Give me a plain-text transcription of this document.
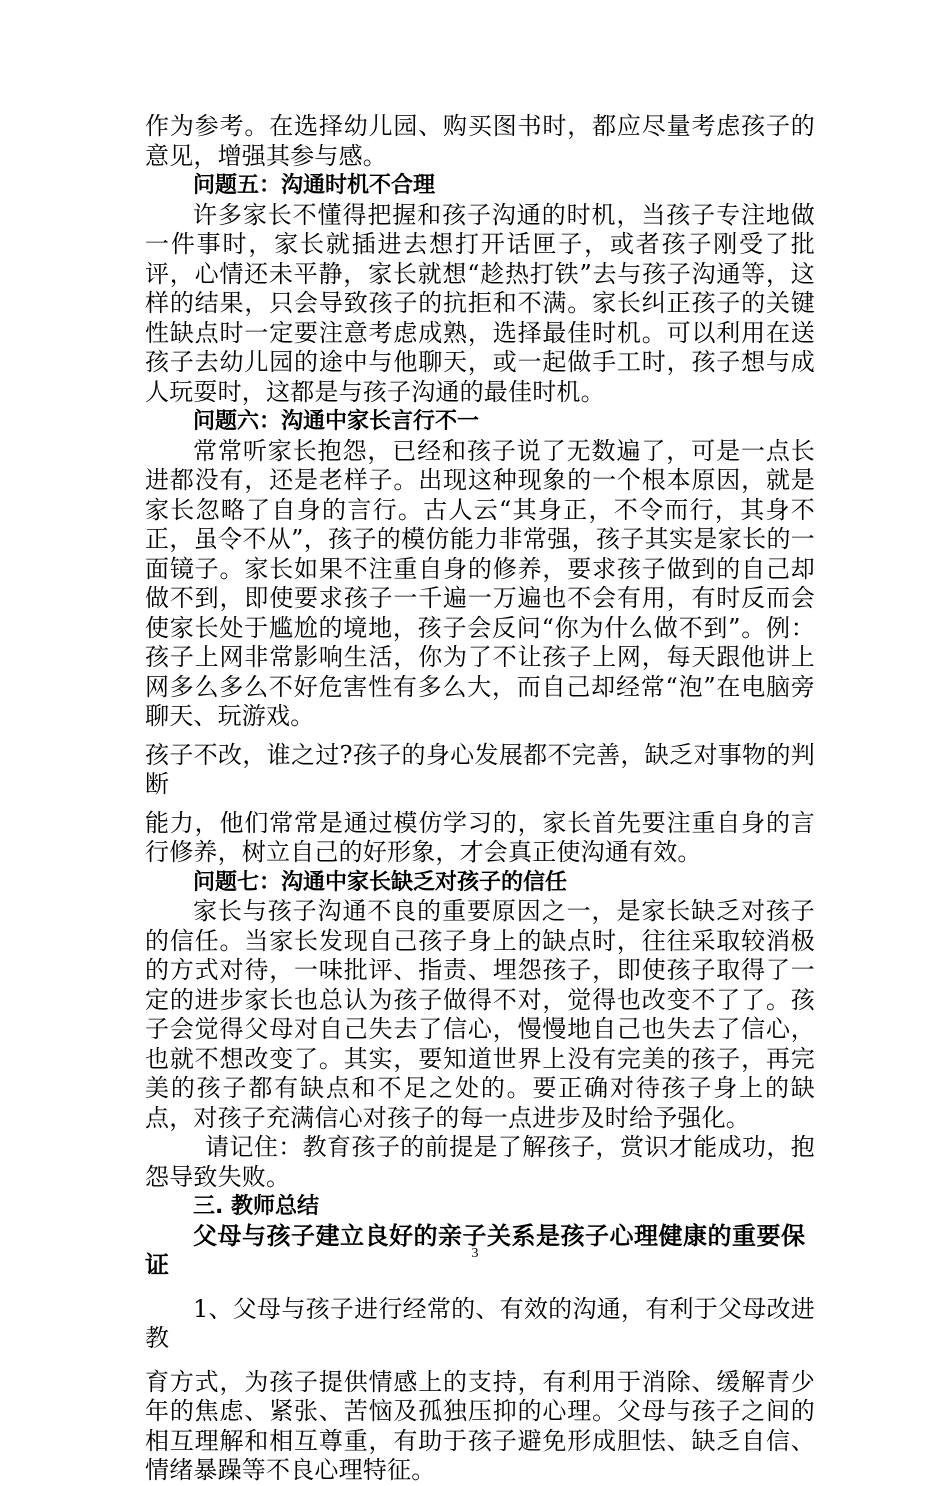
作为参考。在选择幼儿园、购买图书时，都应尽量考虑孩子的意见，增强其参与感。

问题五：沟通时机不合理

许多家长不懂得把握和孩子沟通的时机，当孩子专注地做一件事时，家长就插进去想打开话匣子，或者孩子刚受了批评，心情还未平静，家长就想“趁热打铁”去与孩子沟通等，这样的结果，只会导致孩子的抗拒和不满。家长纠正孩子的关键性缺点时一定要注意考虑成熟，选择最佳时机。可以利用在送孩子去幼儿园的途中与他聊天，或一起做手工时，孩子想与成人玩耍时，这都是与孩子沟通的最佳时机。

问题六：沟通中家长言行不一

常常听家长抱怨，已经和孩子说了无数遍了，可是一点长进都没有，还是老样子。出现这种现象的一个根本原因，就是家长忽略了自身的言行。古人云“其身正，不令而行，其身不正，虽令不从”，孩子的模仿能力非常强，孩子其实是家长的一面镜子。家长如果不注重自身的修养，要求孩子做到的自己却做不到，即使要求孩子一千遍一万遍也不会有用，有时反而会使家长处于尴尬的境地，孩子会反问“你为什么做不到”。例：孩子上网非常影响生活，你为了不让孩子上网，每天跟他讲上网多么多么不好危害性有多么大，而自己却经常“泡”在电脑旁聊天、玩游戏。

孩子不改，谁之过?孩子的身心发展都不完善，缺乏对事物的判断

能力，他们常常是通过模仿学习的，家长首先要注重自身的言行修养，树立自己的好形象，才会真正使沟通有效。

问题七：沟通中家长缺乏对孩子的信任

家长与孩子沟通不良的重要原因之一，是家长缺乏对孩子的信任。当家长发现自己孩子身上的缺点时，往往采取较消极的方式对待，一味批评、指责、埋怨孩子，即使孩子取得了一定的进步家长也总认为孩子做得不对，觉得也改变不了了。孩子会觉得父母对自己失去了信心，慢慢地自己也失去了信心，也就不想改变了。其实，要知道世界上没有完美的孩子，再完美的孩子都有缺点和不足之处的。要正确对待孩子身上的缺点，对孩子充满信心对孩子的每一点进步及时给予强化。

请记住：教育孩子的前提是了解孩子，赏识才能成功，抱怨导致失败。

三. 教师总结

父母与孩子建立良好的亲子关系是孩子心理健康的重要保证

1、父母与孩子进行经常的、有效的沟通，有利于父母改进教

育方式，为孩子提供情感上的支持，有利用于消除、缓解青少年的焦虑、紧张、苦恼及孤独压抑的心理。父母与孩子之间的相互理解和相互尊重，有助于孩子避免形成胆怯、缺乏自信、情绪暴躁等不良心理特征。

3
